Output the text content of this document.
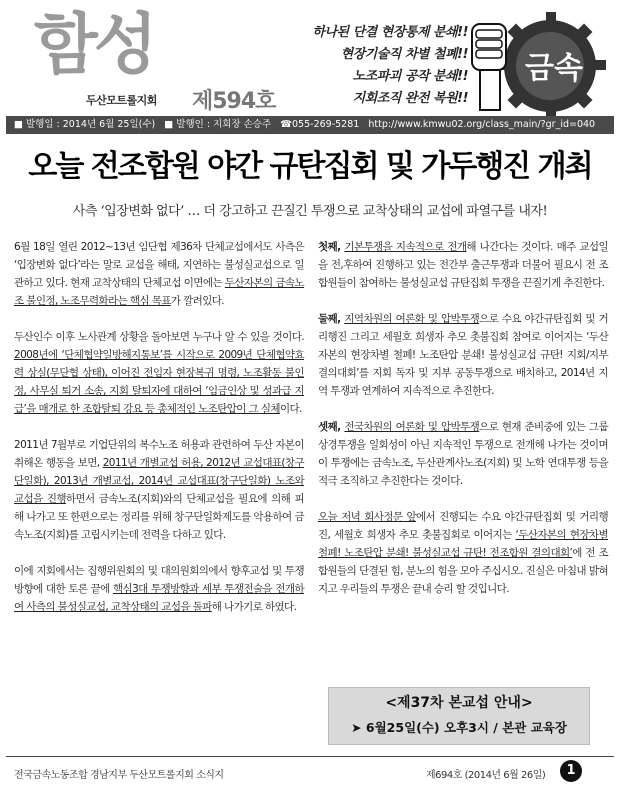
함성
두산모트롤지회 제594호
하나된 단결 현장통제 분쇄!!
현장기술직 차별 철폐!!
노조파괴 공작 분쇄!!
지회조직 완전 복원!!
금속
■ 발행일 : 2014년 6월 25일(수) ■ 발행인 : 지회장 손승주 ☎055-269-5281 http://www.kmwu02.org/class_main/?gr_id=040
오늘 전조합원 야간 규탄집회 및 가두행진 개최
사측 ‘입장변화 없다’ … 더 강고하고 끈질긴 투쟁으로 교착상태의 교섭에 파열구를 내자!

6월 18일 열린 2012~13년 임단협 제36차 단체교섭에서도 사측은 ‘입장변화 없다’라는 말로 교섭을 해태, 지연하는 불성실교섭으로 일관하고 있다. 현재 교착상태의 단체교섭 이면에는 두산자본의 금속노조 불인정, 노조무력화라는 핵심 목표가 깔려있다.

두산인수 이후 노사관계 상황을 돌아보면 누구나 알 수 있을 것이다. 2008년에 ‘단체협약일방해지통보’를 시작으로 2009년 단체협약효력 상실(무단협 상태), 이어진 전임자 현장복귀 명령, 노조활동 불인정, 사무실 퇴거 소송, 지회 탈퇴자에 대하여 ‘임금인상 및 성과급 지급’을 매개로 한 조합탈퇴 강요 등 총체적인 노조탄압이 그 실체이다.

2011년 7월부로 기업단위의 복수노조 허용과 관련하여 두산 자본이 취해온 행동을 보면, 2011년 개별교섭 허용, 2012년 교섭대표(창구단일화), 2013년 개별교섭, 2014년 교섭대표(창구단일화) 노조와 교섭을 진행하면서 금속노조(지회)와의 단체교섭을 필요에 의해 피해 나가고 또 한편으로는 정리를 위해 창구단일화제도를 악용하여 금속노조(지회)를 고립시키는데 전력을 다하고 있다.

이에 지회에서는 집행위원회의 및 대의원회의에서 향후교섭 및 투쟁방향에 대한 토론 끝에 핵심3대 투쟁방향과 세부 투쟁전술을 전개하여 사측의 불성실교섭, 교착상태의 교섭을 돌파해 나가기로 하였다.

첫째, 기본투쟁을 지속적으로 전개해 나간다는 것이다. 매주 교섭일을 전,후하여 진행하고 있는 전간부 출근투쟁과 더불어 필요시 전 조합원들이 참여하는 불성실교섭 규탄집회 투쟁을 끈질기게 추진한다.

둘째, 지역차원의 여론화 및 압박투쟁으로 수요 야간규탄집회 및 거리행진 그리고 세월호 희생자 추모 촛불집회 참여로 이어지는 ‘두산자본의 현장차별 철폐! 노조탄압 분쇄! 불성실교섭 규탄! 지회/지부 결의대회’를 지회 독자 및 지부 공동투쟁으로 배치하고, 2014년 지역 투쟁과 연계하여 지속적으로 추진한다.

셋째, 전국차원의 여론화 및 압박투쟁으로 현재 준비중에 있는 그룹 상경투쟁을 일회성이 아닌 지속적인 투쟁으로 전개해 나가는 것이며 이 투쟁에는 금속노조, 두산관계사노조(지회) 및 노학 연대투쟁 등을 적극 조직하고 추진한다는 것이다.

오늘 저녁 회사정문 앞에서 진행되는 수요 야간규탄집회 및 거리행진, 세월호 희생자 추모 촛불집회로 이어지는 ‘두산자본의 현장차별 철폐! 노조탄압 분쇄! 불성실교섭 규탄! 전조합원 결의대회’에 전 조합원들의 단결된 힘, 분노의 힘을 모아 주십시오. 진실은 마침내 밝혀지고 우리들의 투쟁은 끝내 승리 할 것입니다.

<제37차 본교섭 안내>
➤ 6월25일(수) 오후3시 / 본관 교육장
전국금속노동조합 경남지부 두산모트롤지회 소식지	제694호 (2014년 6월 26일)	1
